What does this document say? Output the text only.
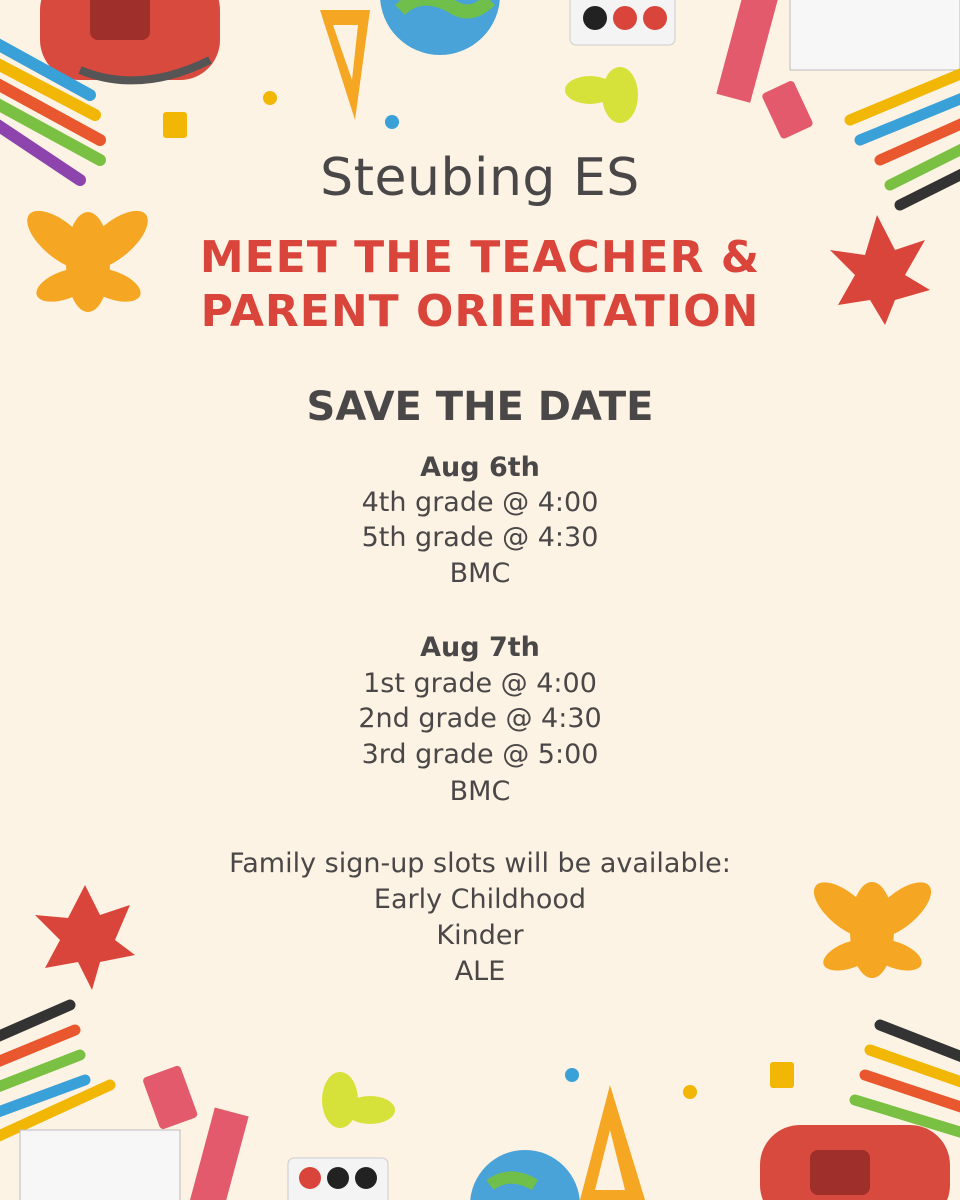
Steubing ES
MEET THE TEACHER &
PARENT ORIENTATION
SAVE THE DATE
Aug 6th
4th grade @ 4:00
5th grade @ 4:30
BMC
Aug 7th
1st grade @ 4:00
2nd grade @ 4:30
3rd grade @ 5:00
BMC
Family sign-up slots will be available:
Early Childhood
Kinder
ALE
